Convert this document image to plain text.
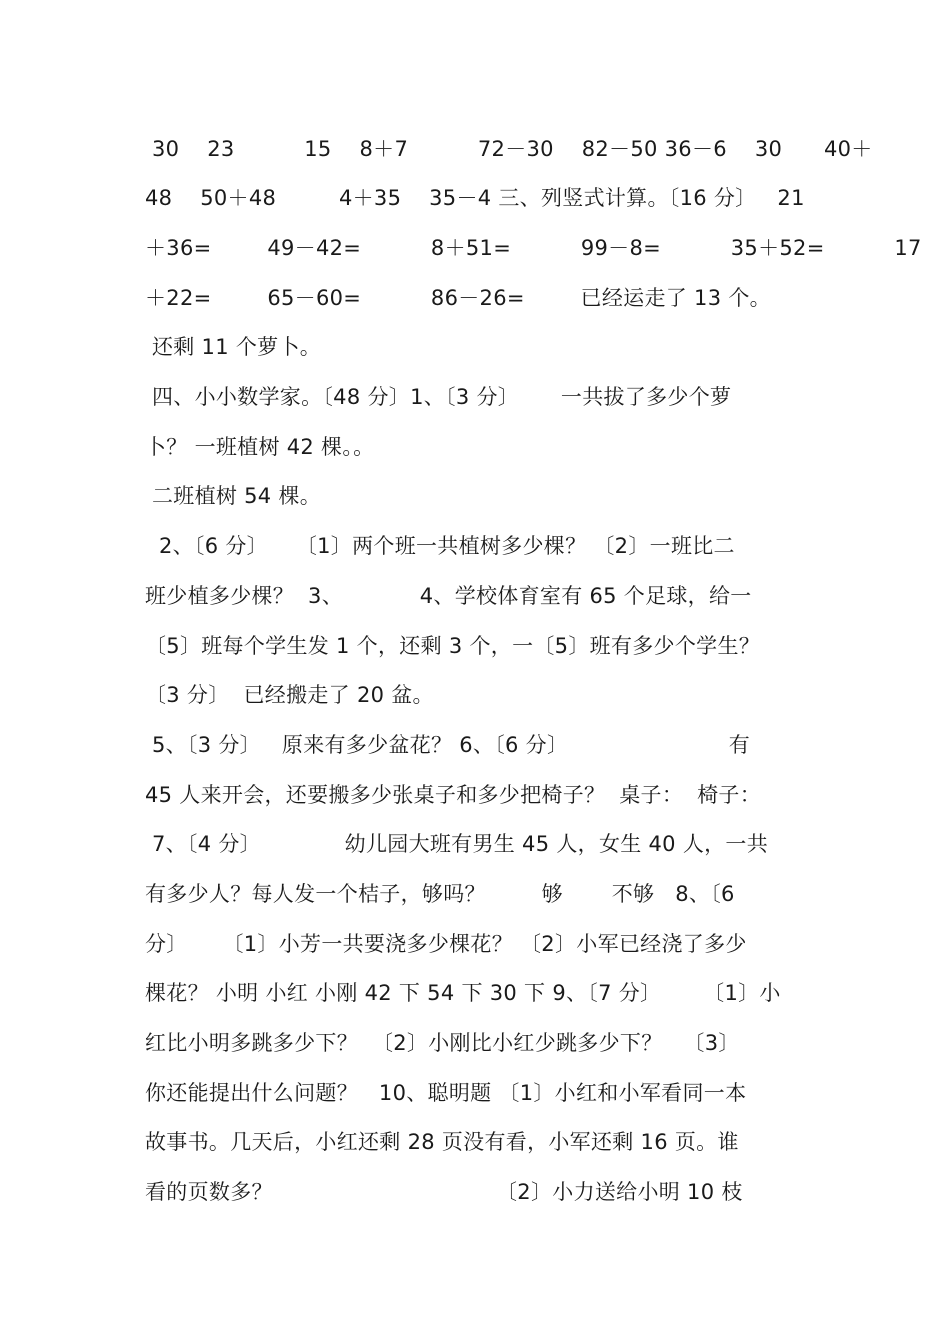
30    23          15    8＋7          72－30    82－50 36－6    30      40＋
48    50＋48         4＋35    35－4 三、列竖式计算。〔16 分〕   21
＋36=        49－42=          8＋51=          99－8=          35＋52=          17
＋22=        65－60=          86－26=        已经运走了 13 个。
还剩 11 个萝卜。
四、小小数学家。〔48 分〕1、〔3 分〕      一共拔了多少个萝
卜？ 一班植树 42 棵。。
二班植树 54 棵。
2、〔6 分〕    〔1〕两个班一共植树多少棵？ 〔2〕一班比二
班少植多少棵？  3、           4、学校体育室有 65 个足球，给一
〔5〕班每个学生发 1 个，还剩 3 个，一〔5〕班有多少个学生？
〔3 分〕  已经搬走了 20 盆。
5、〔3 分〕   原来有多少盆花？ 6、〔6 分〕                       有
45 人来开会，还要搬多少张桌子和多少把椅子？  桌子：  椅子：
7、〔4 分〕            幼儿园大班有男生 45 人，女生 40 人，一共
有多少人？每人发一个桔子，够吗？        够       不够   8、〔6
分〕     〔1〕小芳一共要浇多少棵花？ 〔2〕小军已经浇了多少
棵花？ 小明 小红 小刚 42 下 54 下 30 下 9、〔7 分〕      〔1〕小
红比小明多跳多少下？  〔2〕小刚比小红少跳多少下？   〔3〕
你还能提出什么问题？   10、聪明题 〔1〕小红和小军看同一本
故事书。几天后，小红还剩 28 页没有看，小军还剩 16 页。谁
看的页数多？                                〔2〕小力送给小明 10 枝
